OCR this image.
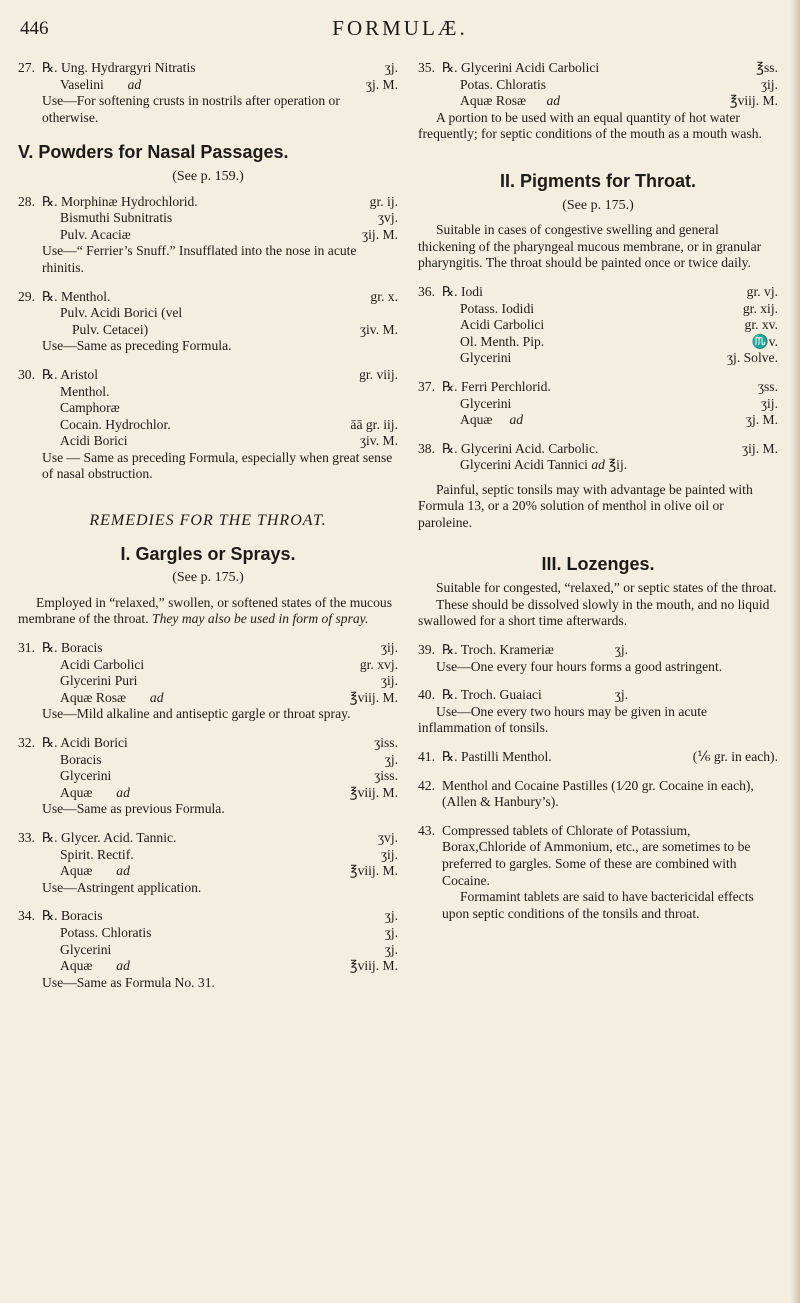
446	FORMULÆ.
27. ℞. Ung. Hydrargyri Nitratis	ʒj.
Vaselini ad	ʒj. M.
Use—For softening crusts in nostrils after operation or otherwise.
V. Powders for Nasal Passages.
(See p. 159.)
28. ℞. Morphinæ Hydrochlorid.	gr. ij.
Bismuthi Subnitratis	ʒvj.
Pulv. Acaciæ	ʒij. M.
Use—“ Ferrier’s Snuff.” Insufflated into the nose in acute rhinitis.
29. ℞. Menthol.	gr. x.
Pulv. Acidi Borici (vel
Pulv. Cetacei)	ʒiv. M.
Use—Same as preceding Formula.
30. ℞. Aristol	gr. viij.
Menthol.
Camphoræ
Cocain. Hydrochlor.	āā gr. iij.
Acidi Borici	ʒiv. M.
Use — Same as preceding Formula, especially when great sense of nasal obstruction.
REMEDIES FOR THE THROAT.
I. Gargles or Sprays.
(See p. 175.)

Employed in “relaxed,” swollen, or softened states of the mucous membrane of the throat. They may also be used in form of spray.

31. ℞. Boracis	ʒij.
Acidi Carbolici	gr. xvj.
Glycerini Puri	ʒij.
Aquæ Rosæ ad	℥viij. M.
Use—Mild alkaline and antiseptic gargle or throat spray.
32. ℞. Acidi Borici	ʒiss.
Boracis	ʒj.
Glycerini	ʒiss.
Aquæ ad	℥viij. M.
Use—Same as previous Formula.
33. ℞. Glycer. Acid. Tannic.	ʒvj.
Spirit. Rectif.	ʒij.
Aquæ ad	℥viij. M.
Use—Astringent application.
34. ℞. Boracis	ʒj.
Potass. Chloratis	ʒj.
Glycerini	ʒj.
Aquæ ad	℥viij. M.
Use—Same as Formula No. 31.
35. ℞. Glycerini Acidi Carbolici	℥ss.
Potas. Chloratis	ʒij.
Aquæ Rosæ ad	℥viij. M.

A portion to be used with an equal quantity of hot water frequently; for septic conditions of the mouth as a mouth wash.

II. Pigments for Throat.
(See p. 175.)

Suitable in cases of congestive swelling and general thickening of the pharyngeal mucous membrane, or in granular pharyngitis. The throat should be painted once or twice daily.

36. ℞. Iodi	gr. vj.
Potass. Iodidi	gr. xij.
Acidi Carbolici	gr. xv.
Ol. Menth. Pip.	♏v.
Glycerini	ʒj. Solve.
37. ℞. Ferri Perchlorid.	ʒss.
Glycerini	ʒij.
Aquæ ad	ʒj. M.
38. ℞. Glycerini Acid. Carbolic.	ʒij. M.
Glycerini Acidi Tannici ad ℥ij.

Painful, septic tonsils may with advantage be painted with Formula 13, or a 20% solution of menthol in olive oil or paroleine.

III. Lozenges.

Suitable for congested, “relaxed,” or septic states of the throat.

These should be dissolved slowly in the mouth, and no liquid swallowed for a short time afterwards.

39. ℞. Troch. Krameriæ	ʒj.

Use—One every four hours forms a good astringent.

40. ℞. Troch. Guaiaci	ʒj.

Use—One every two hours may be given in acute inflammation of tonsils.

41. ℞. Pastilli Menthol.	(⅙ gr. in each).
42. Menthol and Cocaine Pastilles (1⁄20 gr. Cocaine in each), (Allen & Hanbury’s).
43. Compressed tablets of Chlorate of Potassium, Borax,Chloride of Ammonium, etc., are sometimes to be preferred to gargles. Some of these are combined with Cocaine.

Formamint tablets are said to have bactericidal effects upon septic conditions of the tonsils and throat.
